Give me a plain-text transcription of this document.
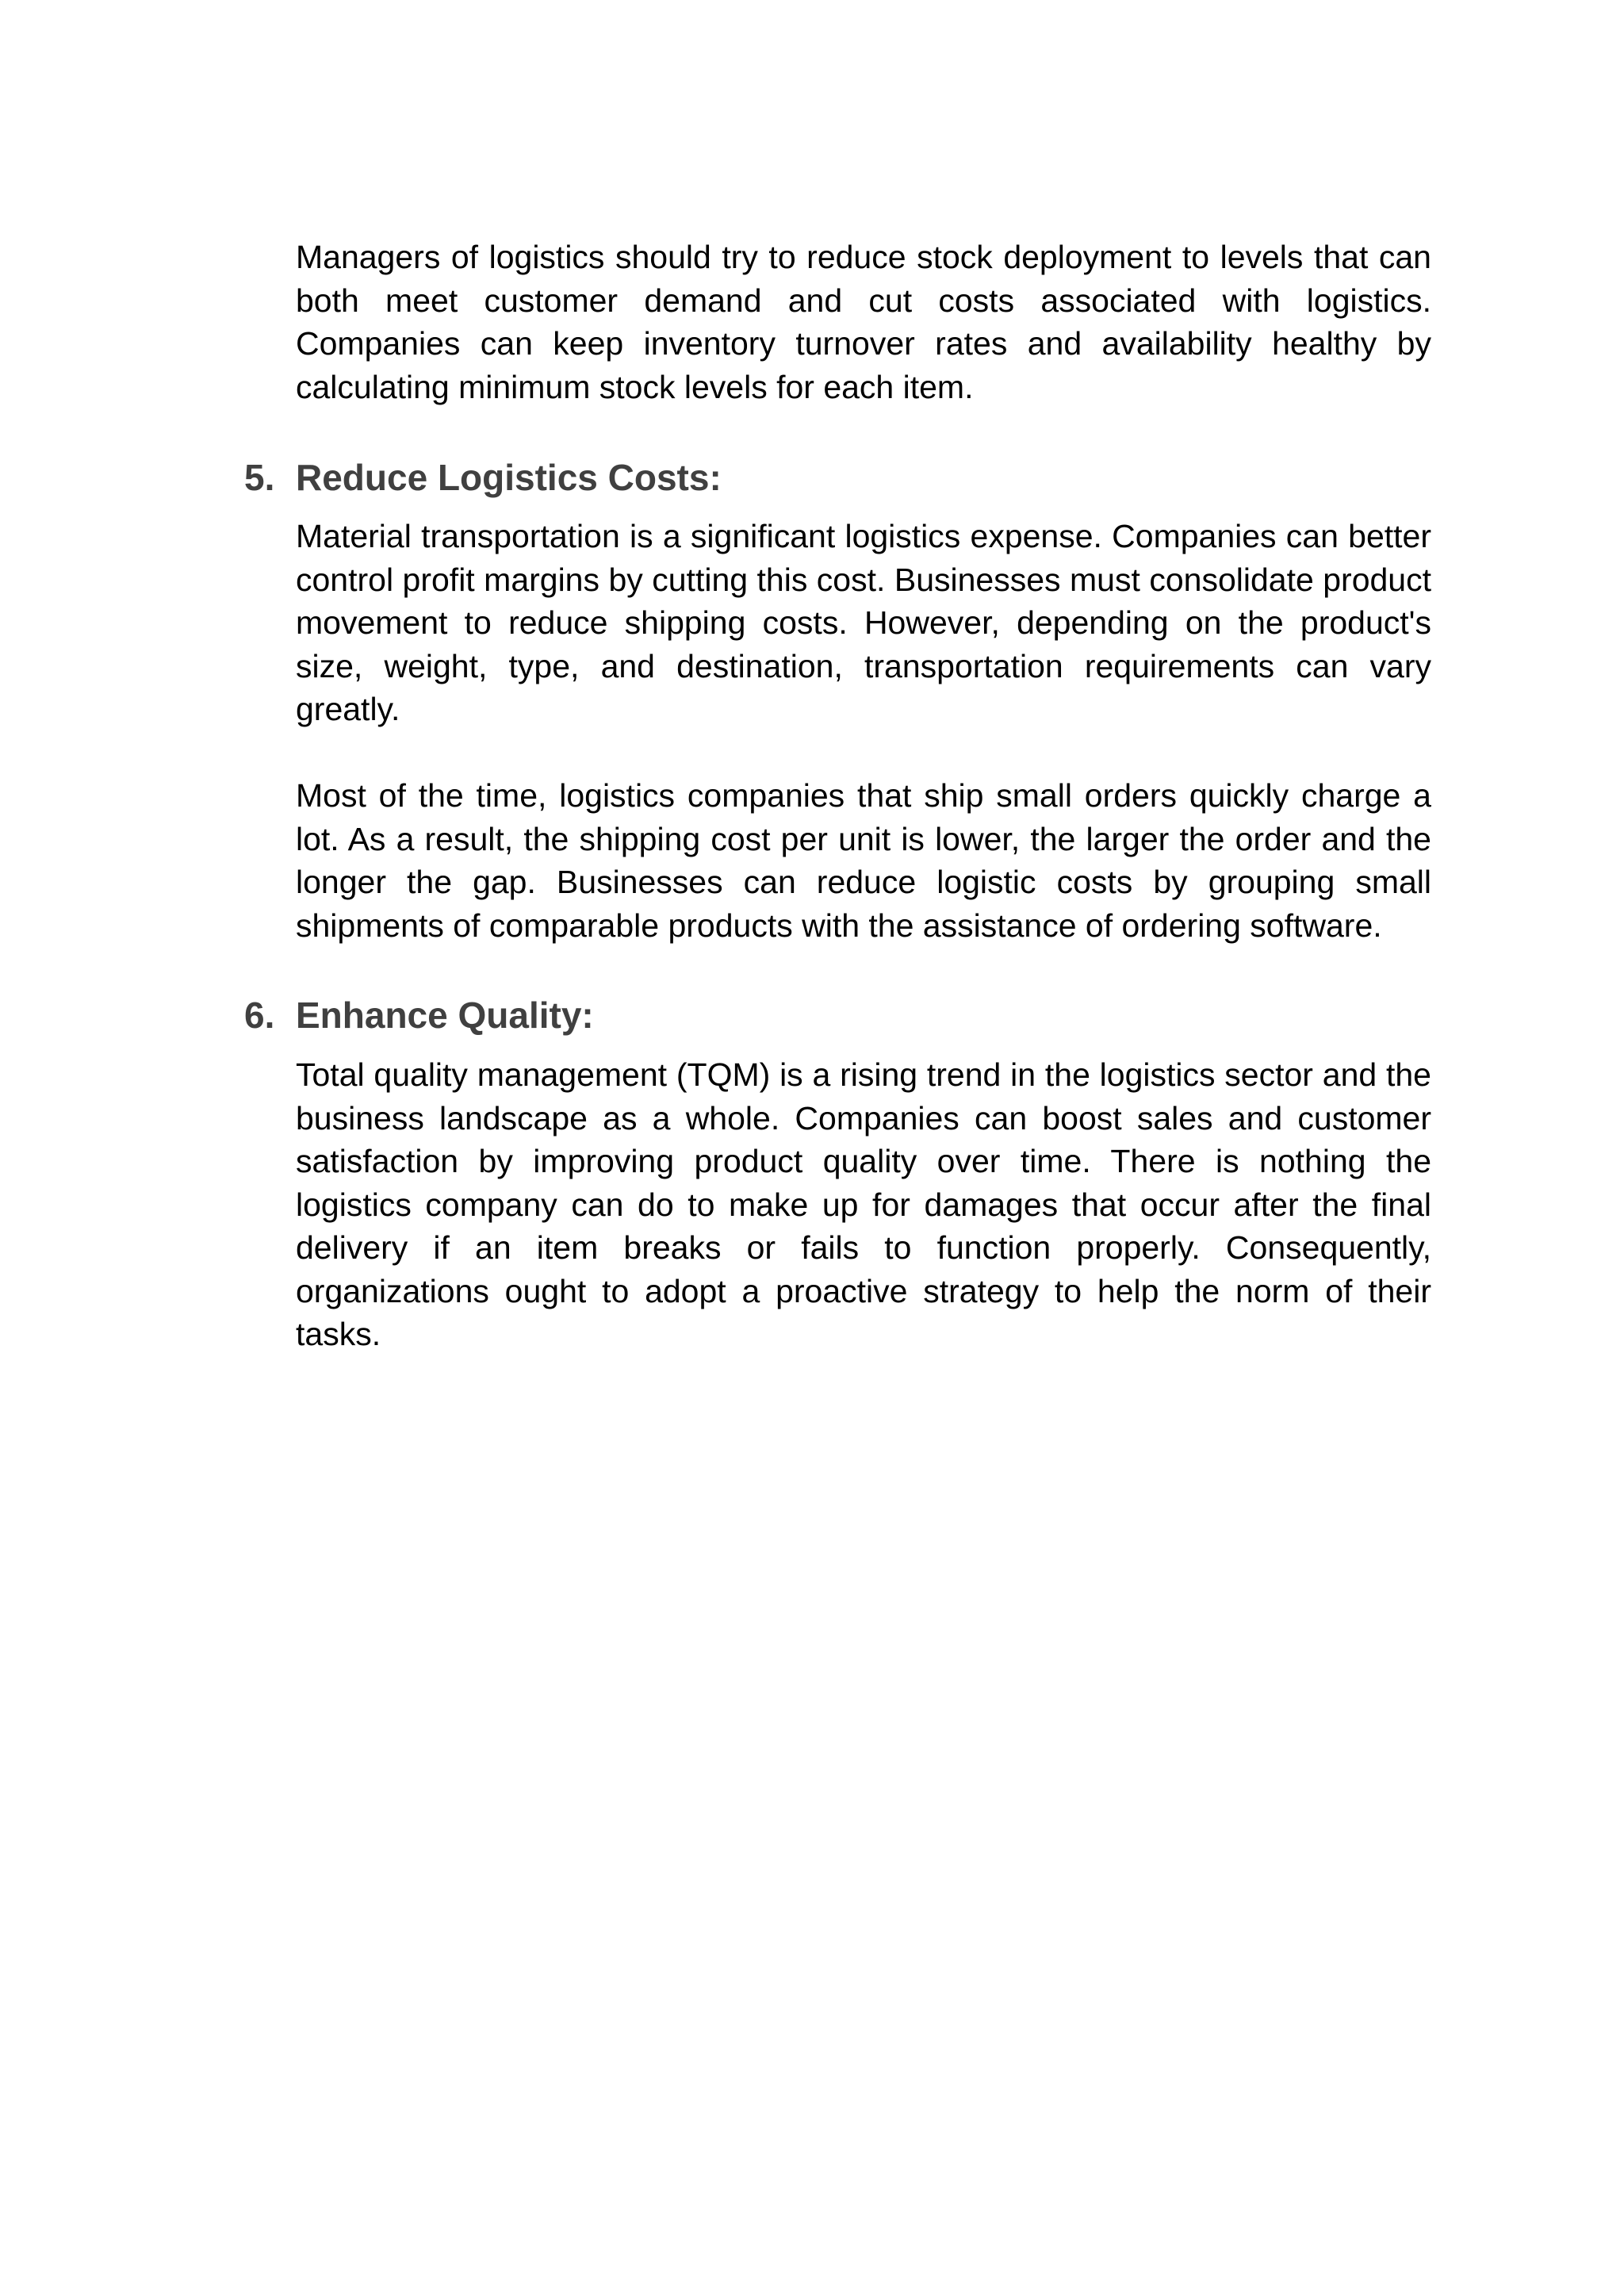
Managers of logistics should try to reduce stock deployment to levels that can both meet customer demand and cut costs associated with logistics. Companies can keep inventory turnover rates and availability healthy by calculating minimum stock levels for each item.

5. Reduce Logistics Costs:

Material transportation is a significant logistics expense. Companies can better control profit margins by cutting this cost. Businesses must consolidate product movement to reduce shipping costs. However, depending on the product's size, weight, type, and destination, transportation requirements can vary greatly.

Most of the time, logistics companies that ship small orders quickly charge a lot. As a result, the shipping cost per unit is lower, the larger the order and the longer the gap. Businesses can reduce logistic costs by grouping small shipments of comparable products with the assistance of ordering software.

6. Enhance Quality:

Total quality management (TQM) is a rising trend in the logistics sector and the business landscape as a whole. Companies can boost sales and customer satisfaction by improving product quality over time. There is nothing the logistics company can do to make up for damages that occur after the final delivery if an item breaks or fails to function properly. Consequently, organizations ought to adopt a proactive strategy to help the norm of their tasks.
